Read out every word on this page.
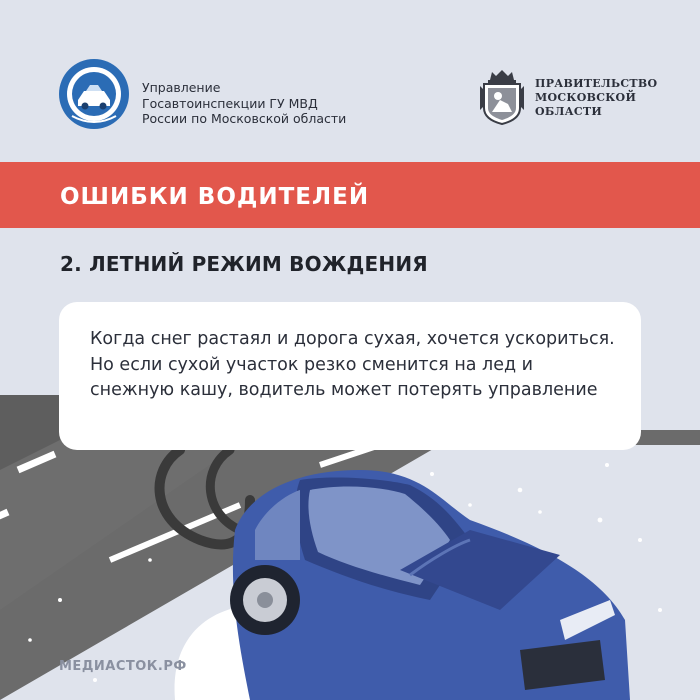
Управление
Госавтоинспекции ГУ МВД
России по Московской области
ПРАВИТЕЛЬСТВО
МОСКОВСКОЙ
ОБЛАСТИ
ОШИБКИ ВОДИТЕЛЕЙ
2. ЛЕТНИЙ РЕЖИМ ВОЖДЕНИЯ
Когда снег растаял и дорога сухая, хочется ускориться. Но если сухой участок резко сменится на лед и снежную кашу, водитель может потерять управление
МЕДИАСТОК.РФ
